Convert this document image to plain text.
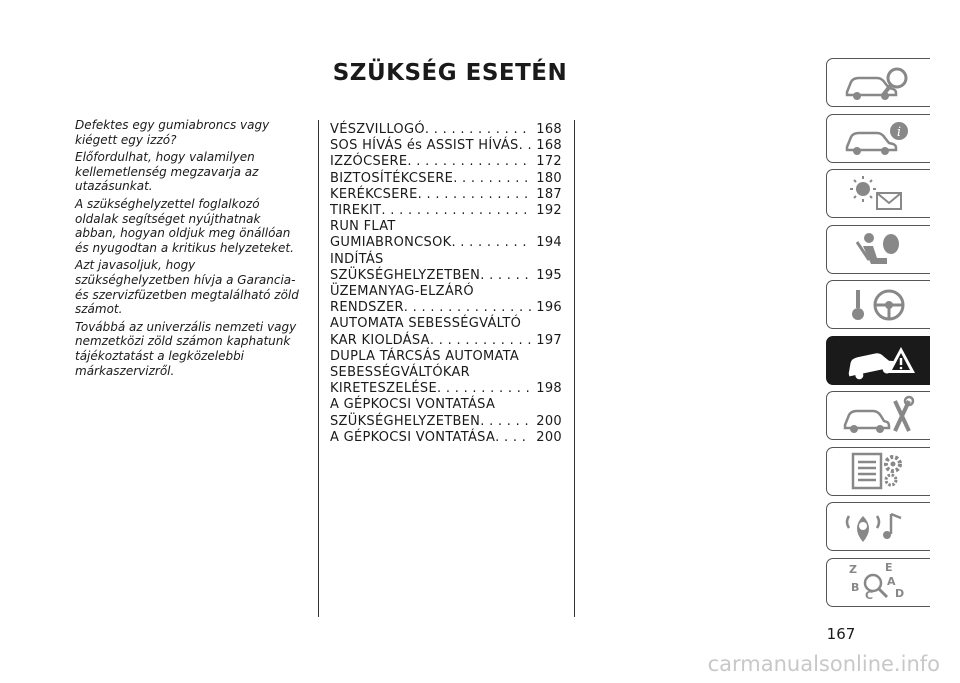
SZÜKSÉG ESETÉN

Defektes egy gumiabroncs vagy kiégett egy izzó?

Előfordulhat, hogy valamilyen kellemetlenség megzavarja az utazásunkat.

A szükséghelyzettel foglalkozó oldalak segítséget nyújthatnak abban, hogyan oldjuk meg önállóan és nyugodtan a kritikus helyzeteket.

Azt javasoljuk, hogy szükséghelyzetben hívja a Garancia- és szervizfüzetben megtalálható zöld számot.

Továbbá az univerzális nemzeti vagy nemzetközi zöld számon kaphatunk tájékoztatást a legközelebbi márkaszervizről.

VÉSZVILLOGÓ . . .	168
SOS HÍVÁS és ASSIST HÍVÁS . . .	168
IZZÓCSERE . . .	172
BIZTOSÍTÉKCSERE . . .	180
KERÉKCSERE . . .	187
TIREKIT . . .	192
RUN FLAT
GUMIABRONCSOK . . .	194
INDÍTÁS
SZÜKSÉGHELYZETBEN . . .	195
ÜZEMANYAG-ELZÁRÓ
RENDSZER . . .	196
AUTOMATA SEBESSÉGVÁLTÓ
KAR KIOLDÁSA . . .	197
DUPLA TÁRCSÁS AUTOMATA
SEBESSÉGVÁLTÓKAR
KIRETESZELÉSE . . .	198
A GÉPKOCSI VONTATÁSA
SZÜKSÉGHELYZETBEN . . .	200
A GÉPKOCSI VONTATÁSA . . .	200
i
Z	E
B	A
D
C
167
carmanualsonline.info
